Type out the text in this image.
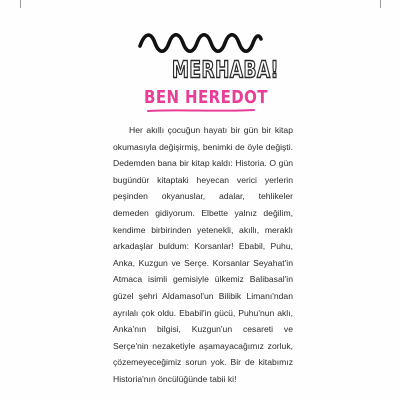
MERHABA!
BEN HEREDOT

Her akıllı çocuğun hayatı bir gün bir kitap okumasıyla değişirmiş, benimki de öyle değişti. Dedemden bana bir kitap kaldı: Historia. O gün bugündür kitaptaki heyecan verici yerlerin peşinden okyanuslar, adalar, tehlikeler demeden gidiyorum. Elbette yalnız değilim, kendime birbirinden yetenekli, akıllı, meraklı arkadaşlar buldum: Korsanlar! Ebabil, Puhu, Anka, Kuzgun ve Serçe. Korsanlar Seyahat'in Atmaca isimli gemisiyle ülkemiz Balibasal'in güzel şehri Aldamasol'un Bilibik Limanı'ndan ayrılalı çok oldu. Ebabil'in gücü, Puhu'nun aklı, Anka'nın bilgisi, Kuzgun'un cesareti ve Serçe'nin nezaketiyle aşamayacağımız zorluk, çözemeyeceğimiz sorun yok. Bir de kitabımız Historia'nın öncülüğünde tabii ki!
